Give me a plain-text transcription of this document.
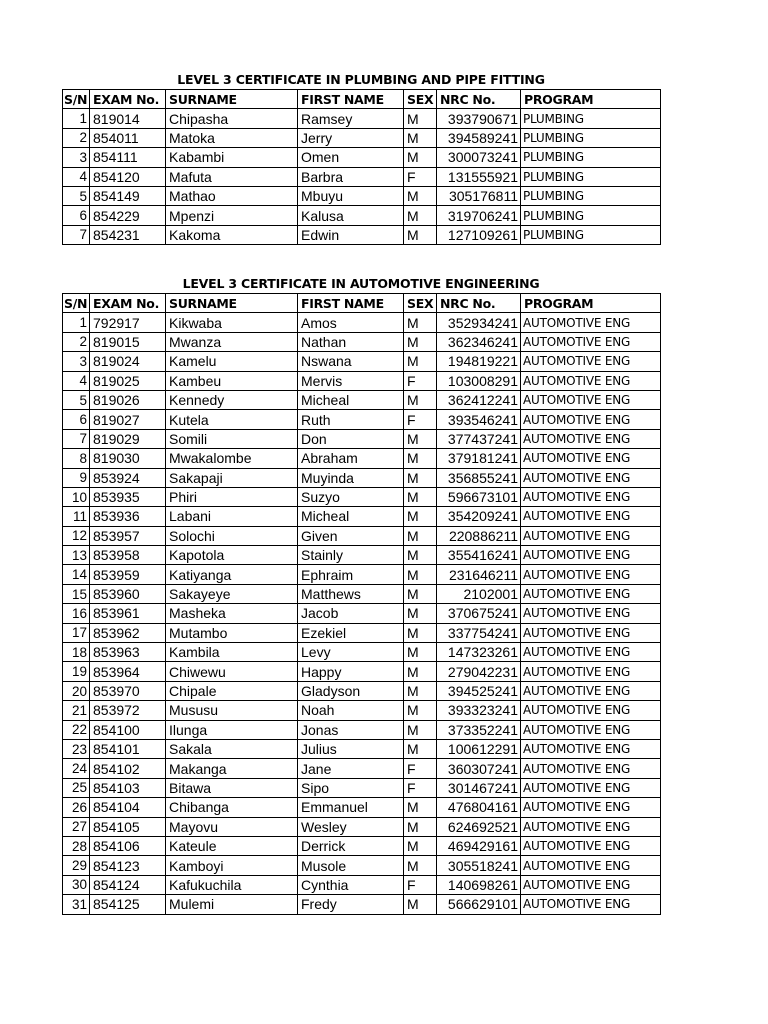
LEVEL 3 CERTIFICATE IN PLUMBING AND PIPE FITTING
S/N	EXAM No.	SURNAME	FIRST NAME	SEX	NRC No.	PROGRAM
1	819014	Chipasha	Ramsey	M	393790671	PLUMBING
2	854011	Matoka	Jerry	M	394589241	PLUMBING
3	854111	Kabambi	Omen	M	300073241	PLUMBING
4	854120	Mafuta	Barbra	F	131555921	PLUMBING
5	854149	Mathao	Mbuyu	M	305176811	PLUMBING
6	854229	Mpenzi	Kalusa	M	319706241	PLUMBING
7	854231	Kakoma	Edwin	M	127109261	PLUMBING
LEVEL 3 CERTIFICATE IN AUTOMOTIVE ENGINEERING
S/N	EXAM No.	SURNAME	FIRST NAME	SEX	NRC No.	PROGRAM
1	792917	Kikwaba	Amos	M	352934241	AUTOMOTIVE ENG
2	819015	Mwanza	Nathan	M	362346241	AUTOMOTIVE ENG
3	819024	Kamelu	Nswana	M	194819221	AUTOMOTIVE ENG
4	819025	Kambeu	Mervis	F	103008291	AUTOMOTIVE ENG
5	819026	Kennedy	Micheal	M	362412241	AUTOMOTIVE ENG
6	819027	Kutela	Ruth	F	393546241	AUTOMOTIVE ENG
7	819029	Somili	Don	M	377437241	AUTOMOTIVE ENG
8	819030	Mwakalombe	Abraham	M	379181241	AUTOMOTIVE ENG
9	853924	Sakapaji	Muyinda	M	356855241	AUTOMOTIVE ENG
10	853935	Phiri	Suzyo	M	596673101	AUTOMOTIVE ENG
11	853936	Labani	Micheal	M	354209241	AUTOMOTIVE ENG
12	853957	Solochi	Given	M	220886211	AUTOMOTIVE ENG
13	853958	Kapotola	Stainly	M	355416241	AUTOMOTIVE ENG
14	853959	Katiyanga	Ephraim	M	231646211	AUTOMOTIVE ENG
15	853960	Sakayeye	Matthews	M	2102001	AUTOMOTIVE ENG
16	853961	Masheka	Jacob	M	370675241	AUTOMOTIVE ENG
17	853962	Mutambo	Ezekiel	M	337754241	AUTOMOTIVE ENG
18	853963	Kambila	Levy	M	147323261	AUTOMOTIVE ENG
19	853964	Chiwewu	Happy	M	279042231	AUTOMOTIVE ENG
20	853970	Chipale	Gladyson	M	394525241	AUTOMOTIVE ENG
21	853972	Mususu	Noah	M	393323241	AUTOMOTIVE ENG
22	854100	Ilunga	Jonas	M	373352241	AUTOMOTIVE ENG
23	854101	Sakala	Julius	M	100612291	AUTOMOTIVE ENG
24	854102	Makanga	Jane	F	360307241	AUTOMOTIVE ENG
25	854103	Bitawa	Sipo	F	301467241	AUTOMOTIVE ENG
26	854104	Chibanga	Emmanuel	M	476804161	AUTOMOTIVE ENG
27	854105	Mayovu	Wesley	M	624692521	AUTOMOTIVE ENG
28	854106	Kateule	Derrick	M	469429161	AUTOMOTIVE ENG
29	854123	Kamboyi	Musole	M	305518241	AUTOMOTIVE ENG
30	854124	Kafukuchila	Cynthia	F	140698261	AUTOMOTIVE ENG
31	854125	Mulemi	Fredy	M	566629101	AUTOMOTIVE ENG
